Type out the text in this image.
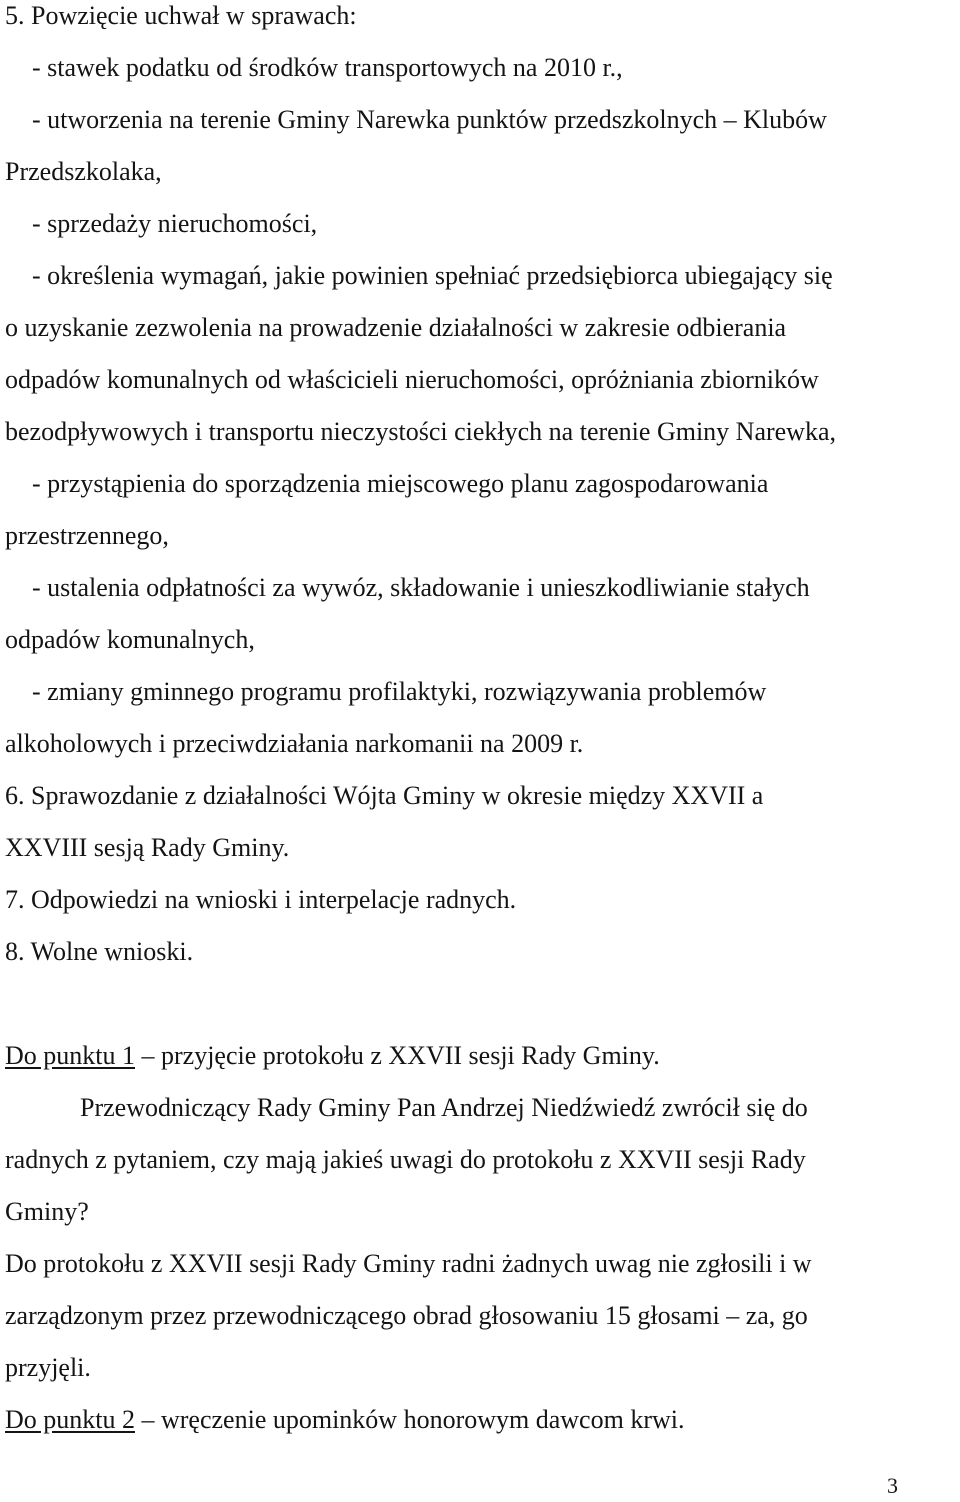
5. Powzięcie uchwał w sprawach:
- stawek podatku od środków transportowych na 2010 r.,
- utworzenia na terenie Gminy Narewka punktów przedszkolnych – Klubów
Przedszkolaka,
- sprzedaży nieruchomości,
- określenia wymagań, jakie powinien spełniać przedsiębiorca ubiegający się
o uzyskanie zezwolenia na prowadzenie działalności w zakresie odbierania
odpadów komunalnych od właścicieli nieruchomości, opróżniania zbiorników
bezodpływowych i transportu nieczystości ciekłych na terenie Gminy Narewka,
- przystąpienia do sporządzenia miejscowego planu zagospodarowania
przestrzennego,
- ustalenia odpłatności za wywóz, składowanie i unieszkodliwianie stałych
odpadów komunalnych,
- zmiany gminnego programu profilaktyki, rozwiązywania problemów
alkoholowych i przeciwdziałania narkomanii na 2009 r.
6. Sprawozdanie z działalności Wójta Gminy w okresie między XXVII a
XXVIII sesją Rady Gminy.
7. Odpowiedzi na wnioski i interpelacje radnych.
8. Wolne wnioski.
Do punktu 1 – przyjęcie protokołu z XXVII sesji Rady Gminy.
Przewodniczący Rady Gminy Pan Andrzej Niedźwiedź zwrócił się do
radnych z pytaniem, czy mają jakieś uwagi do protokołu z XXVII sesji Rady
Gminy?
Do protokołu z XXVII sesji Rady Gminy radni żadnych uwag nie zgłosili i w
zarządzonym przez przewodniczącego obrad głosowaniu 15 głosami – za, go
przyjęli.
Do punktu 2 – wręczenie upominków honorowym dawcom krwi.
3
